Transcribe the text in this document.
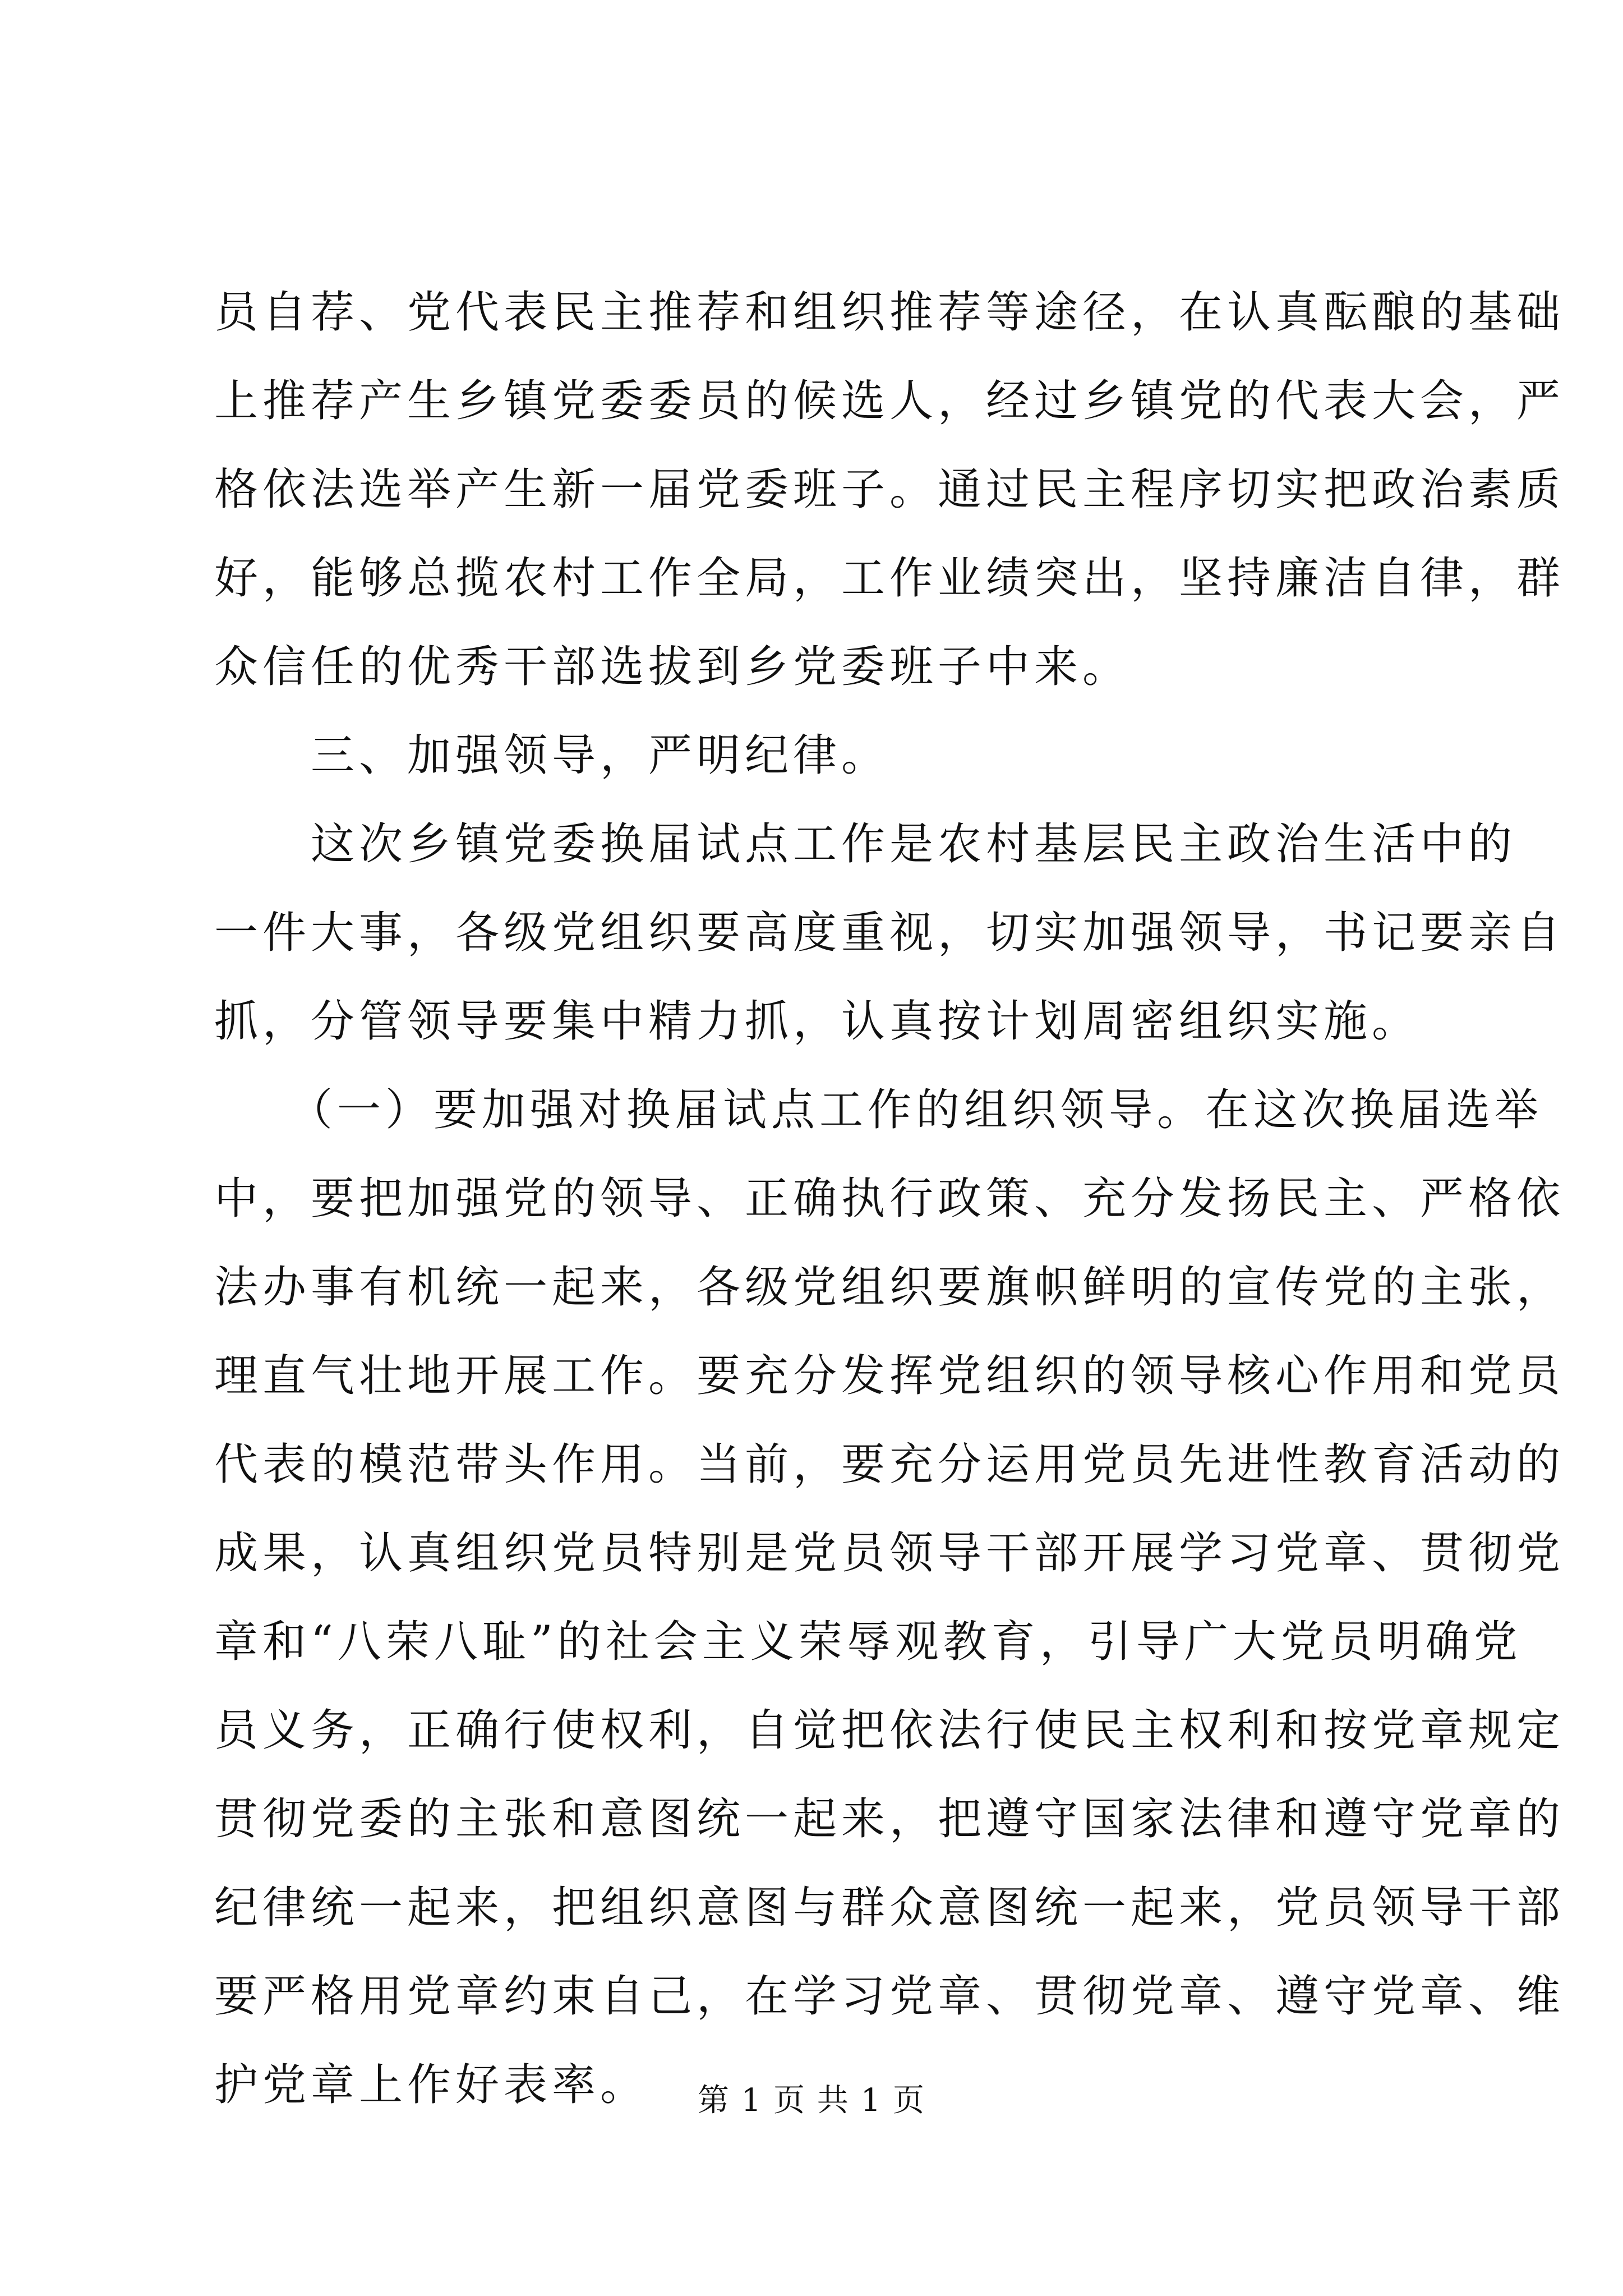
员自荐、党代表民主推荐和组织推荐等途径，在认真酝酿的基础
上推荐产生乡镇党委委员的候选人，经过乡镇党的代表大会，严
格依法选举产生新一届党委班子。通过民主程序切实把政治素质
好，能够总揽农村工作全局，工作业绩突出，坚持廉洁自律，群
众信任的优秀干部选拔到乡党委班子中来。
　　三、加强领导，严明纪律。
　　这次乡镇党委换届试点工作是农村基层民主政治生活中的
一件大事，各级党组织要高度重视，切实加强领导，书记要亲自
抓，分管领导要集中精力抓，认真按计划周密组织实施。
　　（一）要加强对换届试点工作的组织领导。在这次换届选举
中，要把加强党的领导、正确执行政策、充分发扬民主、严格依
法办事有机统一起来，各级党组织要旗帜鲜明的宣传党的主张，
理直气壮地开展工作。要充分发挥党组织的领导核心作用和党员
代表的模范带头作用。当前，要充分运用党员先进性教育活动的
成果，认真组织党员特别是党员领导干部开展学习党章、贯彻党
章和“八荣八耻”的社会主义荣辱观教育，引导广大党员明确党
员义务，正确行使权利，自觉把依法行使民主权利和按党章规定
贯彻党委的主张和意图统一起来，把遵守国家法律和遵守党章的
纪律统一起来，把组织意图与群众意图统一起来，党员领导干部
要严格用党章约束自己，在学习党章、贯彻党章、遵守党章、维
护党章上作好表率。	第 1 页 共 1 页
